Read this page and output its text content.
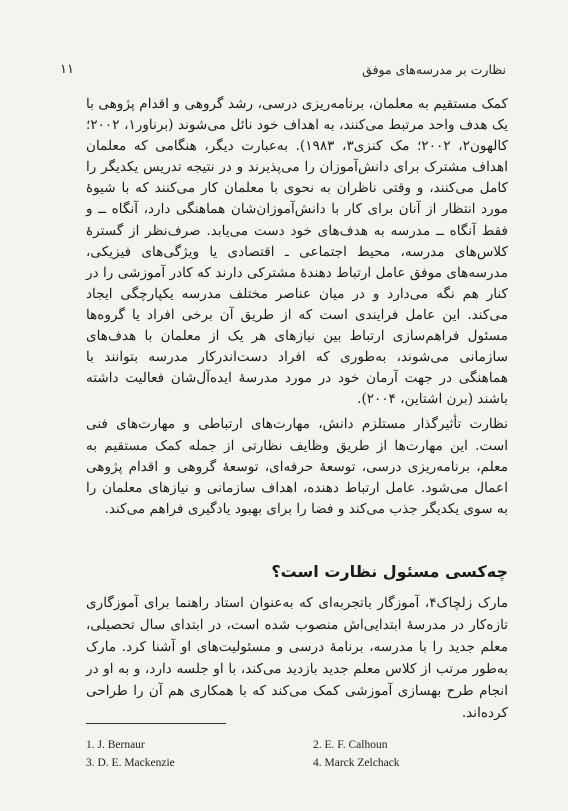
۱۱	نظارت بر مدرسه‌های موفق

کمک مستقیم به معلمان، برنامه‌ریزی درسی، رشد گروهی و اقدام پژوهی با یک هدف واحد مرتبط می‌کنند، به اهداف خود نائل می‌شوند (برناور۱، ۲۰۰۲؛ کالهون۲، ۲۰۰۲؛ مک کنزی۳، ۱۹۸۳). به‌عبارت دیگر، هنگامی که معلمان اهداف مشترک برای دانش‌آموزان را می‌پذیرند و در نتیجه تدریس یکدیگر را کامل می‌کنند، و وقتی ناظران به نحوی با معلمان کار می‌کنند که با شیوهٔ مورد انتظار از آنان برای کار با دانش‌آموزان‌شان هماهنگی دارد، آنگاه ــ و فقط آنگاه ــ مدرسه به هدف‌های خود دست می‌یابد. صرف‌نظر از گسترهٔ کلاس‌های مدرسه، محیط اجتماعی ـ اقتصادی یا ویژگی‌های فیزیکی، مدرسه‌های موفق عامل ارتباط دهندهٔ مشترکی دارند که کادر آموزشی را در کنار هم نگه می‌دارد و در میان عناصر مختلف مدرسه یکپارچگی ایجاد می‌کند. این عامل فرایندی است که از طریق آن برخی افراد یا گروه‌ها مسئول فراهم‌سازی ارتباط بین نیازهای هر یک از معلمان با هدف‌های سازمانی می‌شوند، به‌طوری که افراد دست‌اندرکار مدرسه بتوانند با هماهنگی در جهت آرمان خود در مورد مدرسهٔ ایده‌آل‌شان فعالیت داشته باشند (برن اشتاین، ۲۰۰۴).

نظارت تأثیرگذار مستلزم دانش، مهارت‌های ارتباطی و مهارت‌های فنی است. این مهارت‌ها از طریق وظایف نظارتی از جمله کمک مستقیم به معلم، برنامه‌ریزی درسی، توسعهٔ حرفه‌ای، توسعهٔ گروهی و اقدام پژوهی اعمال می‌شود. عامل ارتباط دهنده، اهداف سازمانی و نیازهای معلمان را به سوی یکدیگر جذب می‌کند و فضا را برای بهبود یادگیری فراهم می‌کند.

چه‌کسی مسئول نظارت است؟
مارک زلچاک۴، آموزگار باتجربه‌ای که به‌عنوان استاد راهنما برای آموزگاری تازه‌کار در مدرسهٔ ابتدایی‌اش منصوب شده است، در ابتدای سال تحصیلی، معلم جدید را با مدرسه، برنامهٔ درسی و مسئولیت‌های او آشنا کرد. مارک به‌طور مرتب از کلاس معلم جدید بازدید می‌کند، با او جلسه دارد، و به او در انجام طرح بهسازی آموزشی کمک می‌کند که با همکاری هم آن را طراحی کرده‌اند.
1. J. Bernaur	2. E. F. Calhoun
3. D. E. Mackenzie	4. Marck Zelchack
